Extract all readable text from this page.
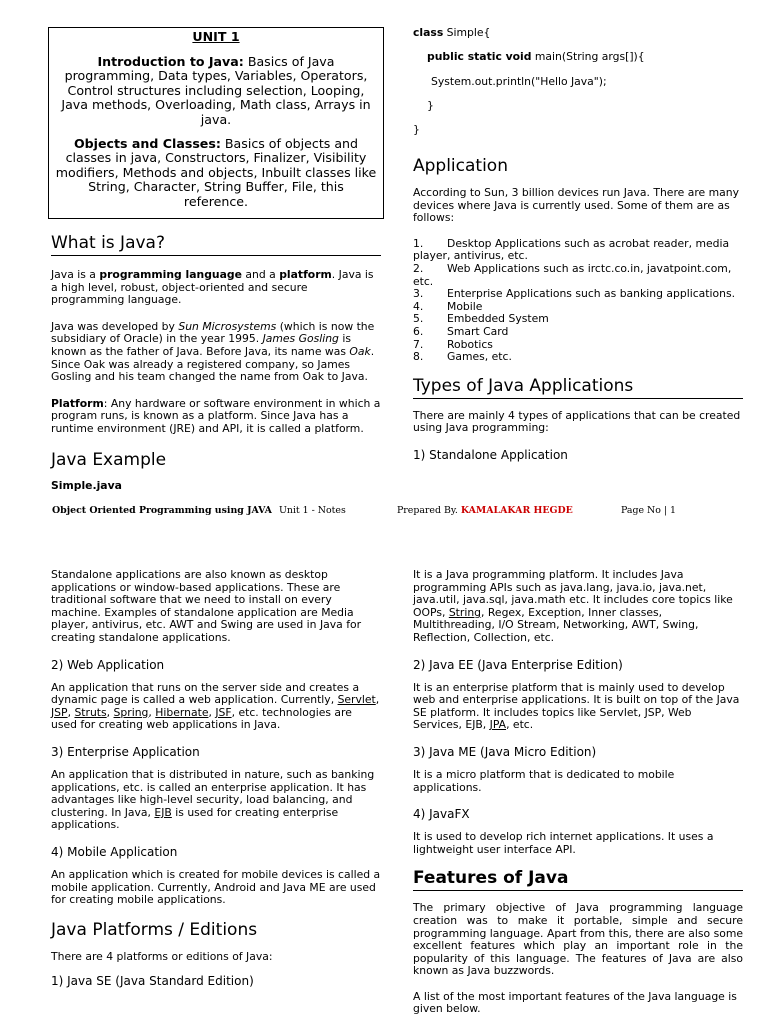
UNIT 1

Introduction to Java: Basics of Java programming, Data types, Variables, Operators, Control structures including selection, Looping, Java methods, Overloading, Math class, Arrays in java.

Objects and Classes: Basics of objects and classes in java, Constructors, Finalizer, Visibility modifiers, Methods and objects, Inbuilt classes like String, Character, String Buffer, File, this reference.

What is Java?

Java is a programming language and a platform. Java is a high level, robust, object-oriented and secure programming language.

Java was developed by Sun Microsystems (which is now the subsidiary of Oracle) in the year 1995. James Gosling is known as the father of Java. Before Java, its name was Oak. Since Oak was already a registered company, so James Gosling and his team changed the name from Oak to Java.

Platform: Any hardware or software environment in which a program runs, is known as a platform. Since Java has a runtime environment (JRE) and API, it is called a platform.

Java Example

Simple.java

class Simple{
public static void main(String args[]){
System.out.println("Hello Java");
}
}
Application

According to Sun, 3 billion devices run Java. There are many devices where Java is currently used. Some of them are as follows:

1. Desktop Applications such as acrobat reader, media player, antivirus, etc.
2. Web Applications such as irctc.co.in, javatpoint.com, etc.
3. Enterprise Applications such as banking applications.
4. Mobile
5. Embedded System
6. Smart Card
7. Robotics
8. Games, etc.
Types of Java Applications

There are mainly 4 types of applications that can be created using Java programming:

1) Standalone Application

Object Oriented Programming using JAVA Unit 1 - Notes	Prepared By. KAMALAKAR HEGDE	Page No | 1

Standalone applications are also known as desktop applications or window-based applications. These are traditional software that we need to install on every machine. Examples of standalone application are Media player, antivirus, etc. AWT and Swing are used in Java for creating standalone applications.

2) Web Application

An application that runs on the server side and creates a dynamic page is called a web application. Currently, Servlet, JSP, Struts, Spring, Hibernate, JSF, etc. technologies are used for creating web applications in Java.

3) Enterprise Application

An application that is distributed in nature, such as banking applications, etc. is called an enterprise application. It has advantages like high-level security, load balancing, and clustering. In Java, EJB is used for creating enterprise applications.

4) Mobile Application

An application which is created for mobile devices is called a mobile application. Currently, Android and Java ME are used for creating mobile applications.

Java Platforms / Editions

There are 4 platforms or editions of Java:

1) Java SE (Java Standard Edition)

It is a Java programming platform. It includes Java programming APIs such as java.lang, java.io, java.net, java.util, java.sql, java.math etc. It includes core topics like OOPs, String, Regex, Exception, Inner classes, Multithreading, I/O Stream, Networking, AWT, Swing, Reflection, Collection, etc.

2) Java EE (Java Enterprise Edition)

It is an enterprise platform that is mainly used to develop web and enterprise applications. It is built on top of the Java SE platform. It includes topics like Servlet, JSP, Web Services, EJB, JPA, etc.

3) Java ME (Java Micro Edition)

It is a micro platform that is dedicated to mobile applications.

4) JavaFX

It is used to develop rich internet applications. It uses a lightweight user interface API.

Features of Java

The primary objective of Java programming language creation was to make it portable, simple and secure programming language. Apart from this, there are also some excellent features which play an important role in the popularity of this language. The features of Java are also known as Java buzzwords.

A list of the most important features of the Java language is given below.
